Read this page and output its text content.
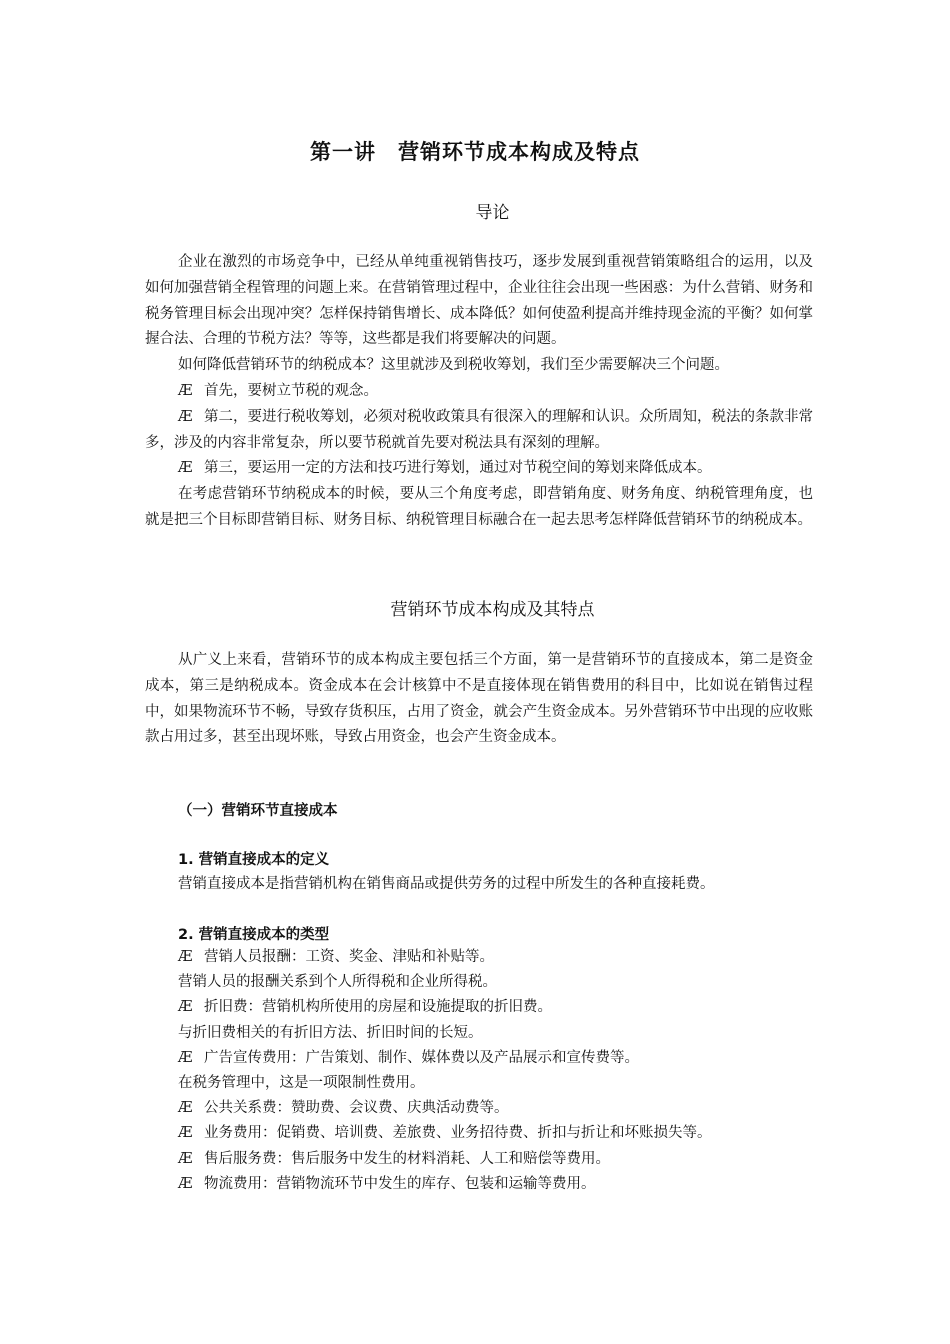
第一讲　营销环节成本构成及特点
导论

企业在激烈的市场竞争中，已经从单纯重视销售技巧，逐步发展到重视营销策略组合的运用，以及如何加强营销全程管理的问题上来。在营销管理过程中，企业往往会出现一些困惑：为什么营销、财务和税务管理目标会出现冲突？怎样保持销售增长、成本降低？如何使盈利提高并维持现金流的平衡？如何掌握合法、合理的节税方法？等等，这些都是我们将要解决的问题。

如何降低营销环节的纳税成本？这里就涉及到税收筹划，我们至少需要解决三个问题。

Æ 首先，要树立节税的观念。

Æ 第二，要进行税收筹划，必须对税收政策具有很深入的理解和认识。众所周知，税法的条款非常多，涉及的内容非常复杂，所以要节税就首先要对税法具有深刻的理解。

Æ 第三，要运用一定的方法和技巧进行筹划，通过对节税空间的筹划来降低成本。

在考虑营销环节纳税成本的时候，要从三个角度考虑，即营销角度、财务角度、纳税管理角度，也就是把三个目标即营销目标、财务目标、纳税管理目标融合在一起去思考怎样降低营销环节的纳税成本。

营销环节成本构成及其特点

从广义上来看，营销环节的成本构成主要包括三个方面，第一是营销环节的直接成本，第二是资金成本，第三是纳税成本。资金成本在会计核算中不是直接体现在销售费用的科目中，比如说在销售过程中，如果物流环节不畅，导致存货积压，占用了资金，就会产生资金成本。另外营销环节中出现的应收账款占用过多，甚至出现坏账，导致占用资金，也会产生资金成本。

（一）营销环节直接成本
1. 营销直接成本的定义

营销直接成本是指营销机构在销售商品或提供劳务的过程中所发生的各种直接耗费。

2. 营销直接成本的类型

Æ 营销人员报酬：工资、奖金、津贴和补贴等。

营销人员的报酬关系到个人所得税和企业所得税。

Æ 折旧费：营销机构所使用的房屋和设施提取的折旧费。

与折旧费相关的有折旧方法、折旧时间的长短。

Æ 广告宣传费用：广告策划、制作、媒体费以及产品展示和宣传费等。

在税务管理中，这是一项限制性费用。

Æ 公共关系费：赞助费、会议费、庆典活动费等。

Æ 业务费用：促销费、培训费、差旅费、业务招待费、折扣与折让和坏账损失等。

Æ 售后服务费：售后服务中发生的材料消耗、人工和赔偿等费用。

Æ 物流费用：营销物流环节中发生的库存、包装和运输等费用。
